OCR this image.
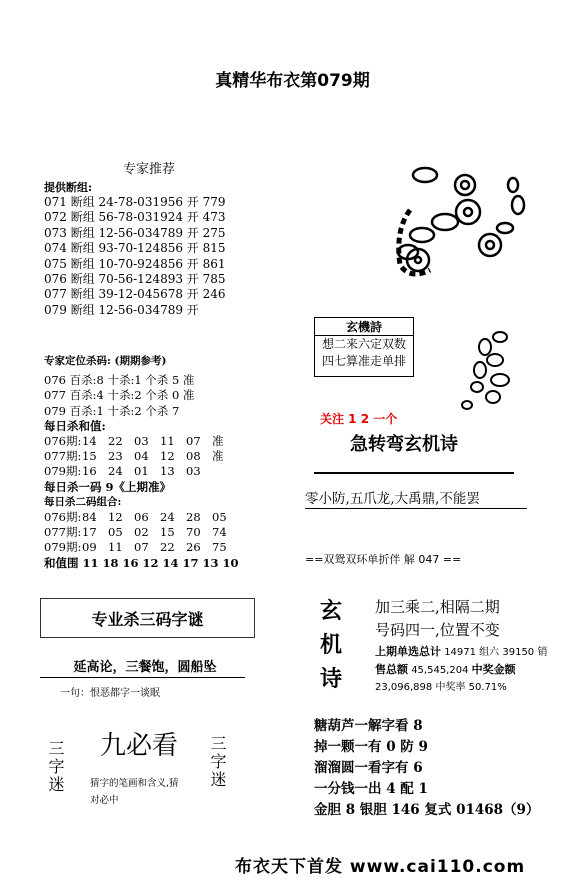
真精华布衣第079期
专家推荐
提供断组:
071 断组 24-78-031956 开 779
072 断组 56-78-031924 开 473
073 断组 12-56-034789 开 275
074 断组 93-70-124856 开 815
075 断组 10-70-924856 开 861
076 断组 70-56-124893 开 785
077 断组 39-12-045678 开 246
079 断组 12-56-034789 开
专家定位杀码: (期期参考)
076 百杀:8 十杀:1 个杀 5 准
077 百杀:4 十杀:2 个杀 0 准
079 百杀:1 十杀:2 个杀 7
每日杀和值:
076期:14 22 03 11 07 准
077期:15 23 04 12 08 准
079期:16 24 01 13 03
每日杀一码 9《上期准》
每日杀二码组合:
076期:84 12 06 24 28 05
077期:17 05 02 15 70 74
079期:09 11 07 22 26 75
和值围 11 18 16 12 14 17 13 10
专业杀三码字谜
延高论，三餐饱，圆船坠
一句：恨恶都字一谈眠
三字迷	三字迷
九必看
猜字的笔画和含义,猜
对必中
玄機詩
想二来六定双数
四七算准走单排
关注 1 2 一个
急转弯玄机诗
零小防,五爪龙,大禹鼎,不能罢
==双鸳双环单折伴 解 047 ==
玄
机
诗
加三乘二,相隔二期
号码四一,位置不变
上期单选总计 14971 组六 39150 销
售总额 45,545,204 中奖金额
23,096,898 中奖率 50.71%
糖葫芦一解字看 8
掉一颗一有 0 防 9
溜溜圆一看字有 6
一分钱一出 4 配 1
金胆 8 银胆 146 复式 01468（9）
布衣天下首发 www.cai110.com
